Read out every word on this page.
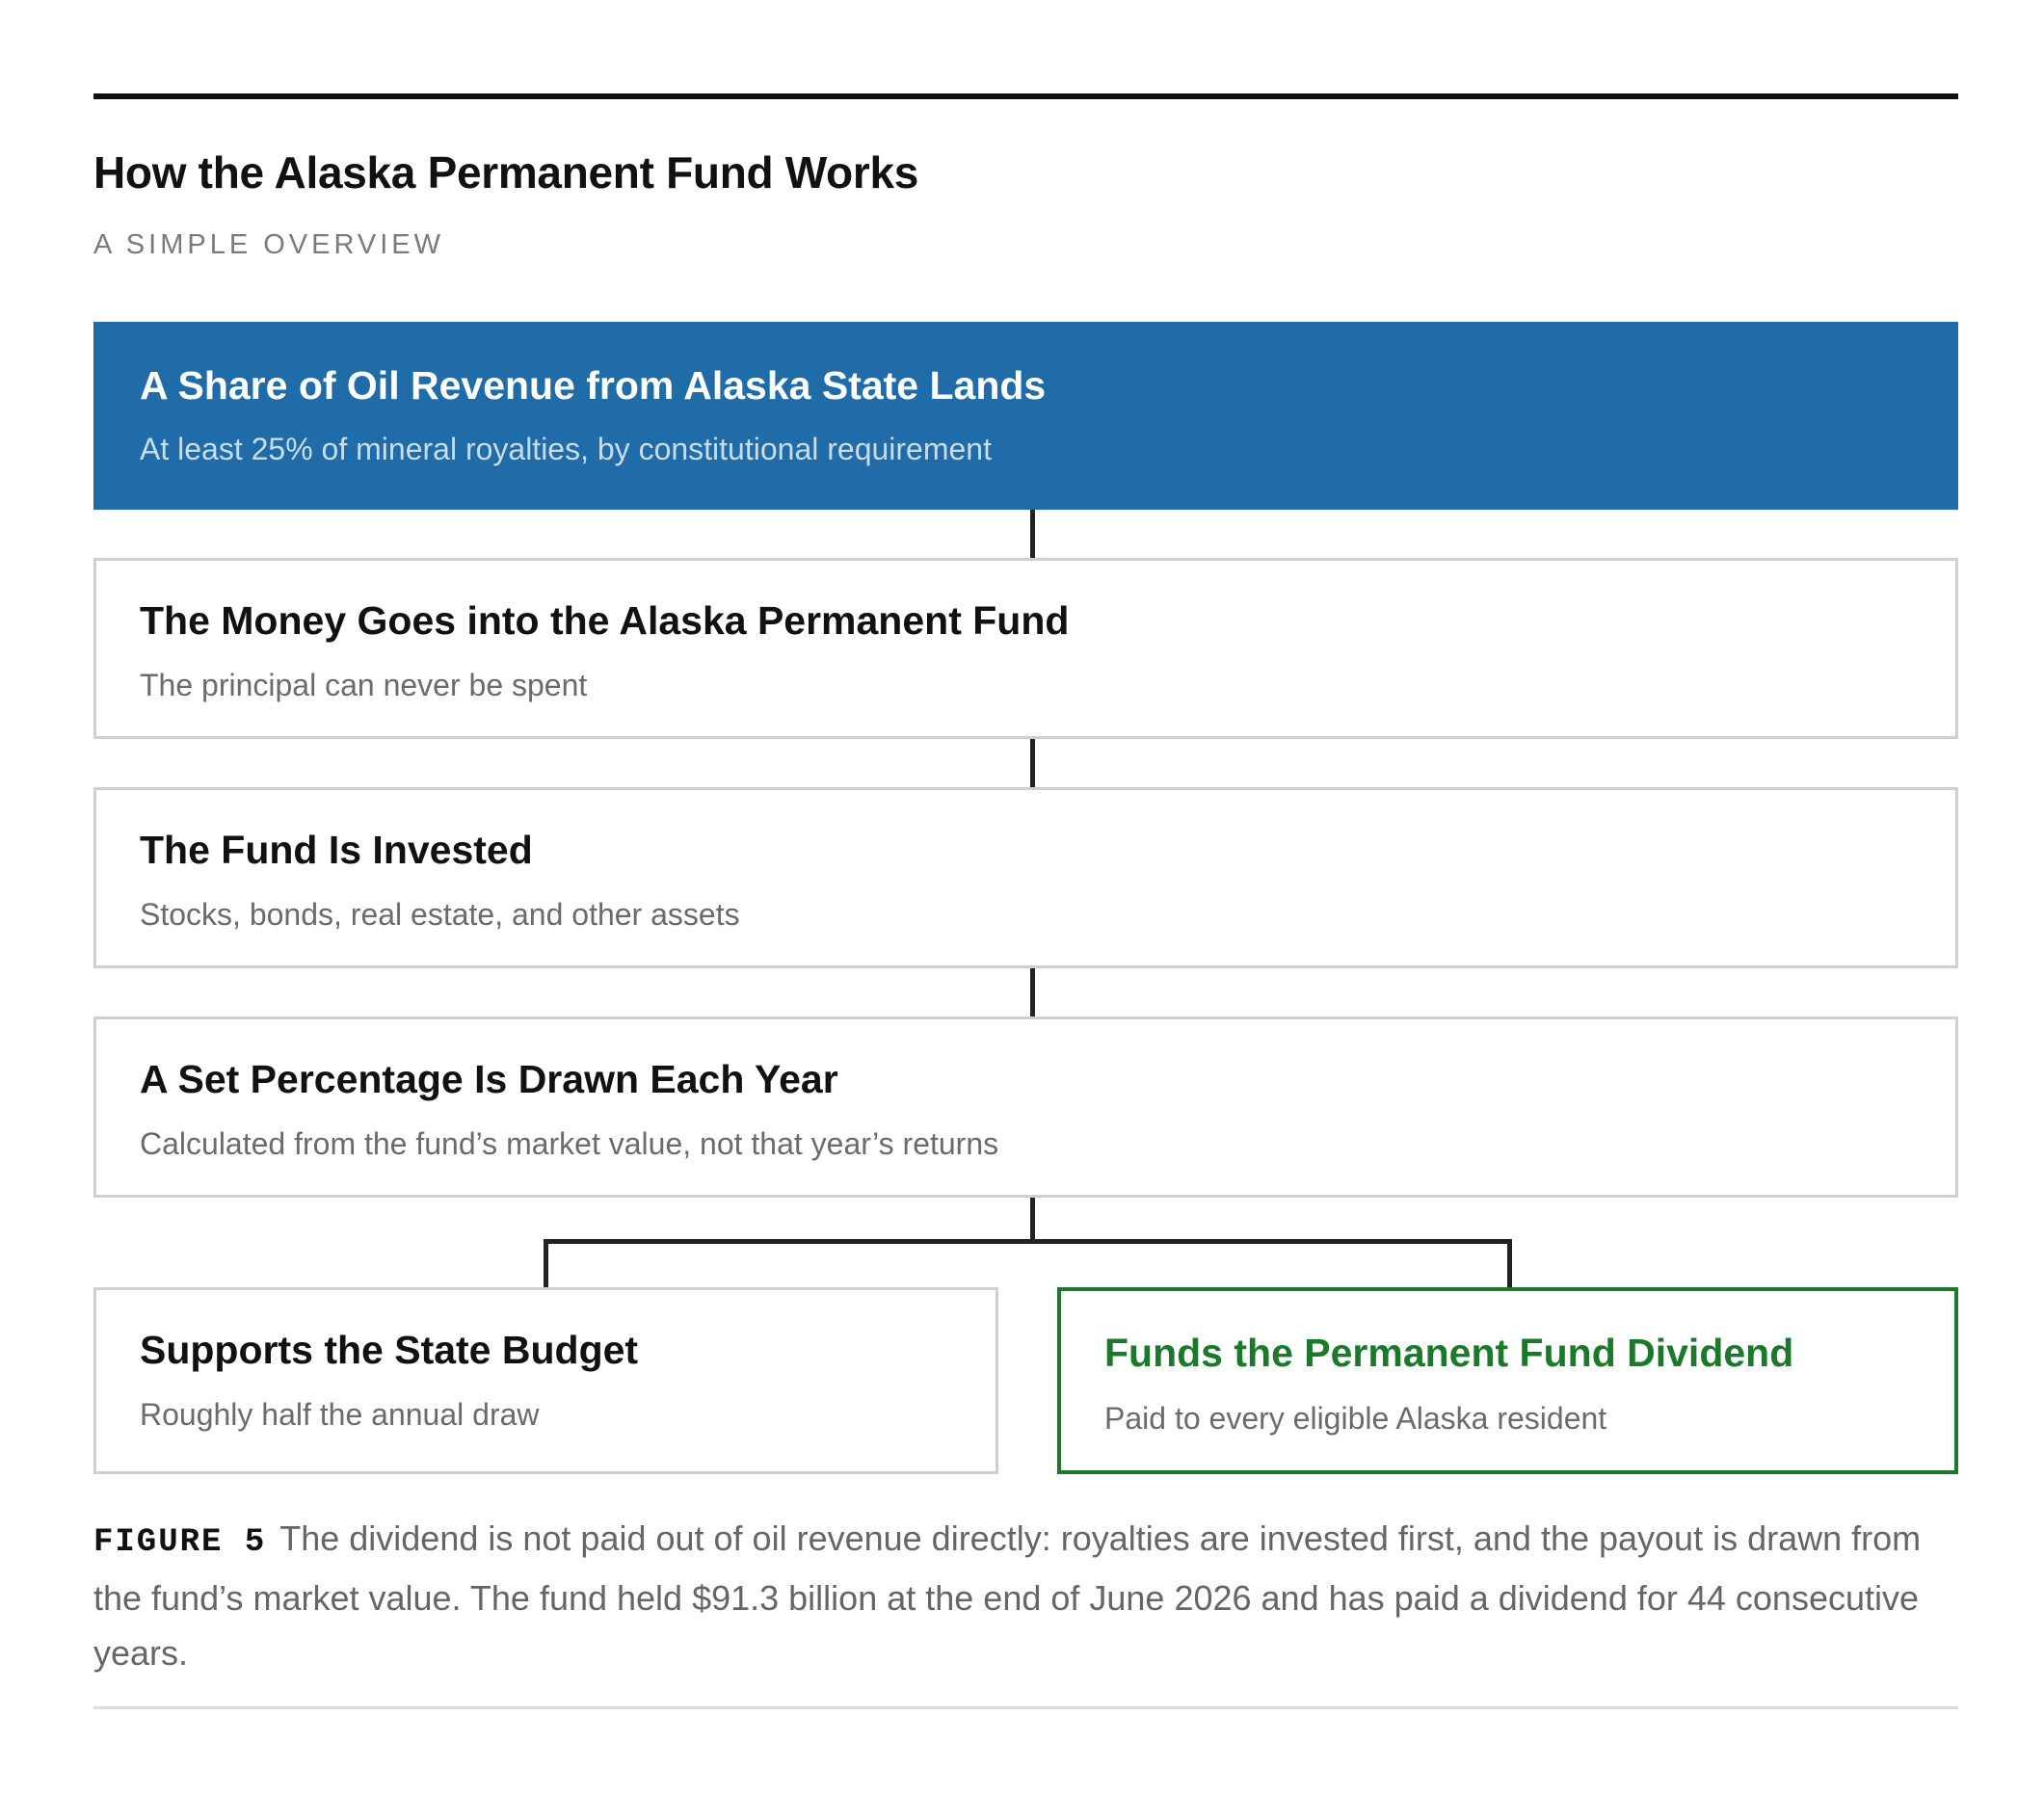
How the Alaska Permanent Fund Works
A SIMPLE OVERVIEW
A Share of Oil Revenue from Alaska State Lands
At least 25% of mineral royalties, by constitutional requirement
The Money Goes into the Alaska Permanent Fund
The principal can never be spent
The Fund Is Invested
Stocks, bonds, real estate, and other assets
A Set Percentage Is Drawn Each Year
Calculated from the fund’s market value, not that year’s returns
Supports the State Budget
Roughly half the annual draw
Funds the Permanent Fund Dividend
Paid to every eligible Alaska resident
FIGURE 5 The dividend is not paid out of oil revenue directly: royalties are invested first, and the payout is drawn from the fund’s market value. The fund held $91.3 billion at the end of June 2026 and has paid a dividend for 44 consecutive years.
